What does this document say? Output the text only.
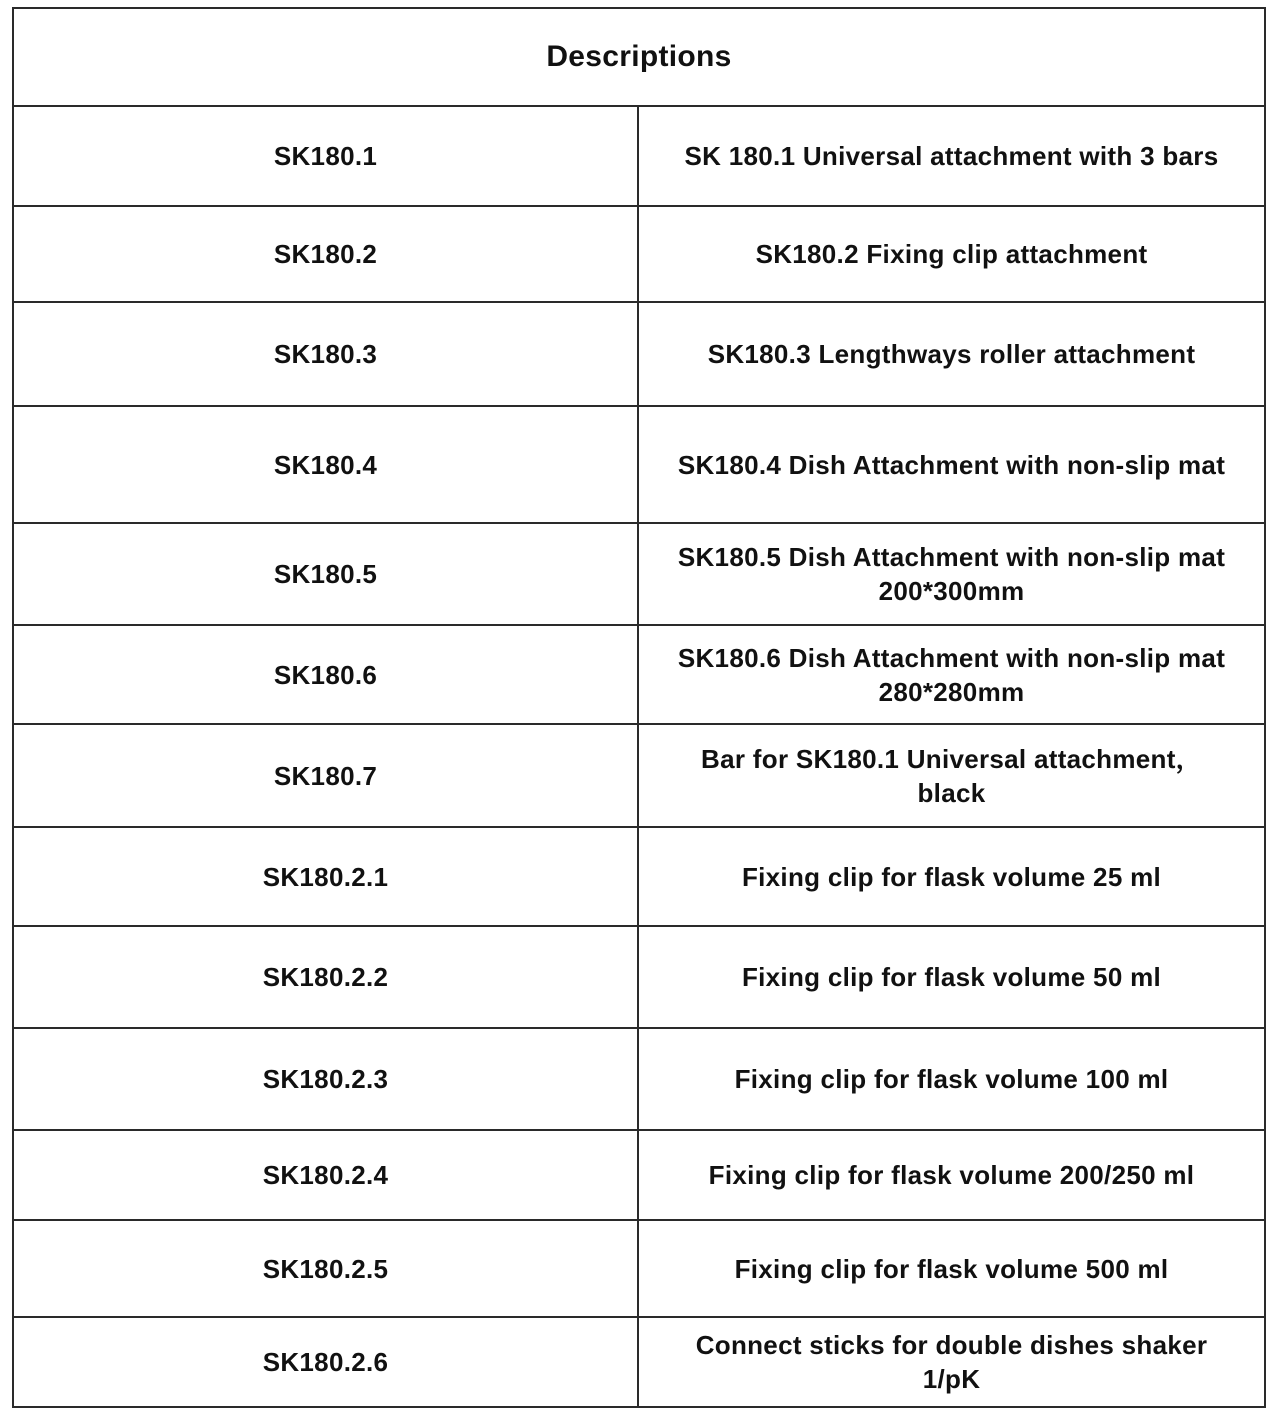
Descriptions	
SK180.1	SK 180.1 Universal attachment with 3 bars
SK180.2	SK180.2 Fixing clip attachment
SK180.3	SK180.3 Lengthways roller attachment
SK180.4	SK180.4 Dish Attachment with non-slip mat
SK180.5	SK180.5 Dish Attachment with non-slip mat
200*300mm
SK180.6	SK180.6 Dish Attachment with non-slip mat
280*280mm
SK180.7	Bar for SK180.1 Universal attachment，
black
SK180.2.1	Fixing clip for flask volume 25 ml
SK180.2.2	Fixing clip for flask volume 50 ml
SK180.2.3	Fixing clip for flask volume 100 ml
SK180.2.4	Fixing clip for flask volume 200/250 ml
SK180.2.5	Fixing clip for flask volume 500 ml
SK180.2.6	Connect sticks for double dishes shaker
1/pK
